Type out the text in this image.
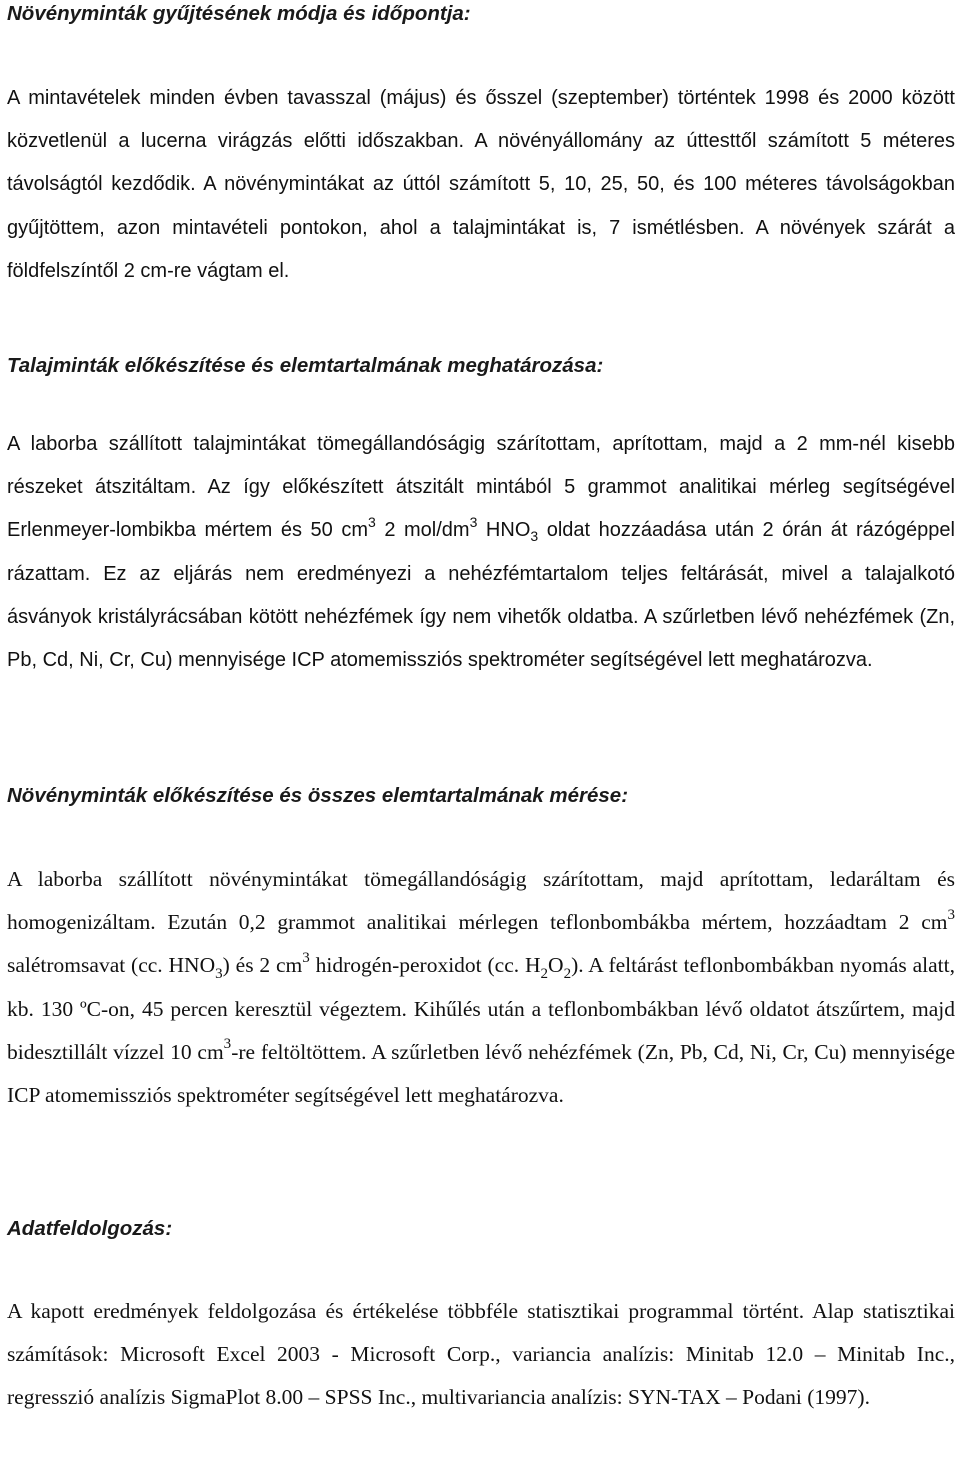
Növényminták gyűjtésének módja és időpontja:

A mintavételek minden évben tavasszal (május) és ősszel (szeptember) történtek 1998 és 2000 között közvetlenül a lucerna virágzás előtti időszakban. A növényállomány az úttesttől számított 5 méteres távolságtól kezdődik. A növénymintákat az úttól számított 5, 10, 25, 50, és 100 méteres távolságokban gyűjtöttem, azon mintavételi pontokon, ahol a talajmintákat is, 7 ismétlésben. A növények szárát a földfelszíntől 2 cm-re vágtam el.

Talajminták előkészítése és elemtartalmának meghatározása:

A laborba szállított talajmintákat tömegállandóságig szárítottam, aprítottam, majd a 2 mm-nél kisebb részeket átszitáltam. Az így előkészített átszitált mintából 5 grammot analitikai mérleg segítségével Erlenmeyer-lombikba mértem és 50 $cm^3$ 2 mol/$dm^3$ $HNO_3$ oldat hozzáadása után 2 órán át rázógéppel rázattam. Ez az eljárás nem eredményezi a nehézfémtartalom teljes feltárását, mivel a talajalkotó ásványok kristályrácsában kötött nehézfémek így nem vihetők oldatba. A szűrletben lévő nehézfémek (Zn, Pb, Cd, Ni, Cr, Cu) mennyisége ICP atomemissziós spektrométer segítségével lett meghatározva.

Növényminták előkészítése és összes elemtartalmának mérése:

A laborba szállított növénymintákat tömegállandóságig szárítottam, majd aprítottam, ledaráltam és homogenizáltam. Ezután 0,2 grammot analitikai mérlegen teflonbombákba mértem, hozzáadtam 2 $cm^3$ salétromsavat (cc. $HNO_3$) és 2 $cm^3$ hidrogén-peroxidot (cc. $H_2O_2$). A feltárást teflonbombákban nyomás alatt, kb. 130 ºC-on, 45 percen keresztül végeztem. Kihűlés után a teflonbombákban lévő oldatot átszűrtem, majd bidesztillált vízzel 10 $cm^3-re$ feltöltöttem. A szűrletben lévő nehézfémek (Zn, Pb, Cd, Ni, Cr, Cu) mennyisége ICP atomemissziós spektrométer segítségével lett meghatározva.

Adatfeldolgozás:

A kapott eredmények feldolgozása és értékelése többféle statisztikai programmal történt. Alap statisztikai számítások: Microsoft Excel 2003 - Microsoft Corp., variancia analízis: Minitab 12.0 – Minitab Inc., regresszió analízis SigmaPlot 8.00 – SPSS Inc., multivariancia analízis: SYN-TAX – Podani (1997).
